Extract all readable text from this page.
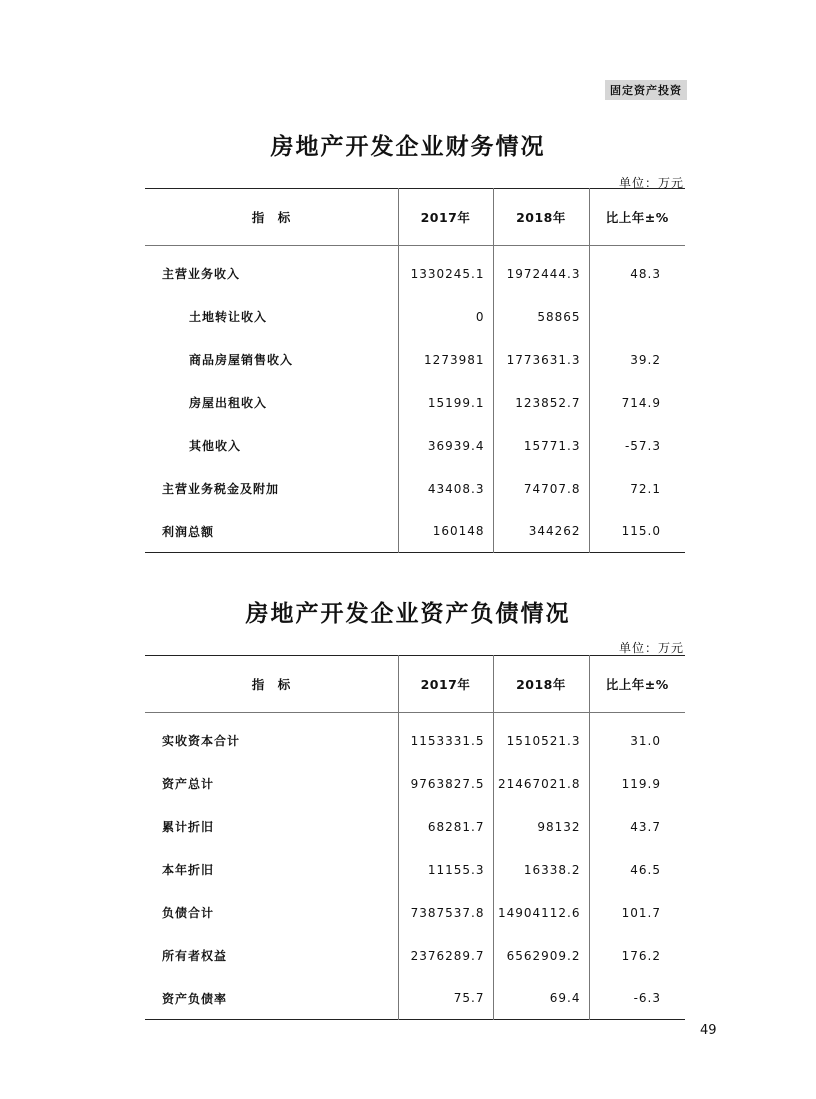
固定资产投资
房地产开发企业财务情况
单位：万元
指　标	2017年	2018年	比上年±%
主营业务收入	1330245.1	1972444.3	48.3
土地转让收入	0	58865	
商品房屋销售收入	1273981	1773631.3	39.2
房屋出租收入	15199.1	123852.7	714.9
其他收入	36939.4	15771.3	-57.3
主营业务税金及附加	43408.3	74707.8	72.1
利润总额	160148	344262	115.0
房地产开发企业资产负债情况
单位：万元
指　标	2017年	2018年	比上年±%
实收资本合计	1153331.5	1510521.3	31.0
资产总计	9763827.5	21467021.8	119.9
累计折旧	68281.7	98132	43.7
本年折旧	11155.3	16338.2	46.5
负债合计	7387537.8	14904112.6	101.7
所有者权益	2376289.7	6562909.2	176.2
资产负债率	75.7	69.4	-6.3
49
